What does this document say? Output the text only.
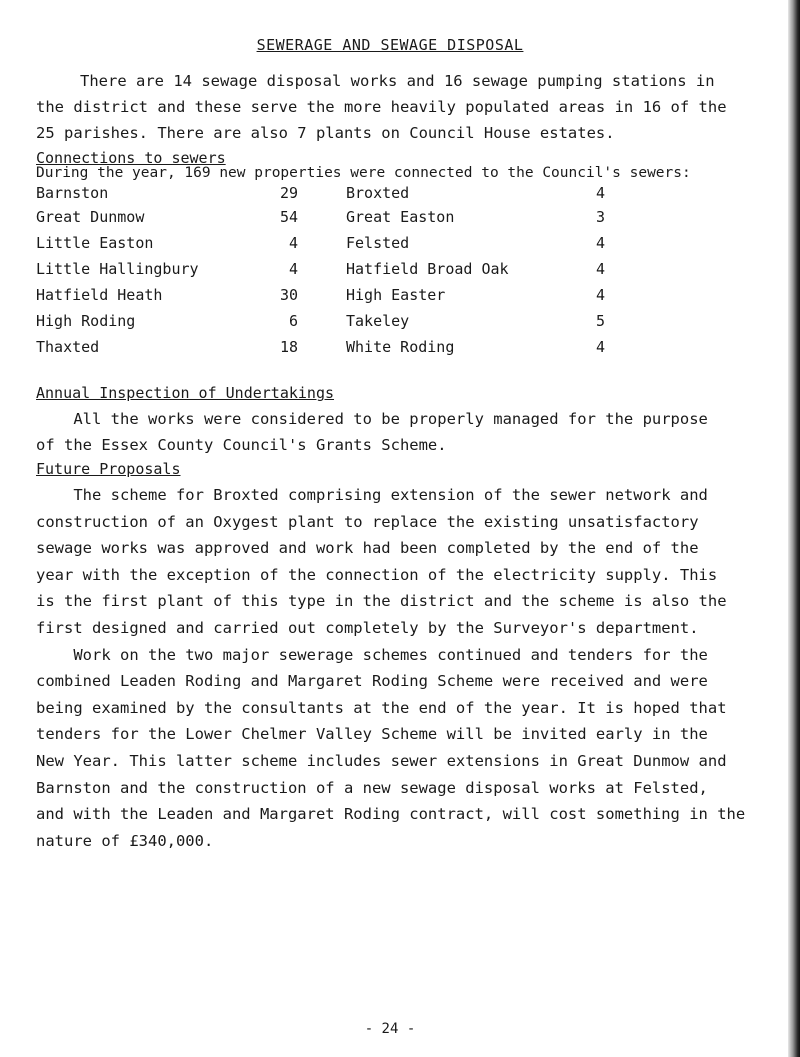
SEWERAGE AND SEWAGE DISPOSAL
There are 14 sewage disposal works and 16 sewage pumping stations in
the district and these serve the more heavily populated areas in 16 of the
25 parishes. There are also 7 plants on Council House estates.
Connections to sewers
During the year, 169 new properties were connected to the Council's sewers:
Barnston	29	Broxted	4
Great Dunmow	54	Great Easton	3
Little Easton	4	Felsted	4
Little Hallingbury	4	Hatfield Broad Oak	4
Hatfield Heath	30	High Easter	4
High Roding	6	Takeley	5
Thaxted	18	White Roding	4
Annual Inspection of Undertakings
All the works were considered to be properly managed for the purpose
of the Essex County Council's Grants Scheme.
Future Proposals
The scheme for Broxted comprising extension of the sewer network and
construction of an Oxygest plant to replace the existing unsatisfactory
sewage works was approved and work had been completed by the end of the
year with the exception of the connection of the electricity supply. This
is the first plant of this type in the district and the scheme is also the
first designed and carried out completely by the Surveyor's department.
Work on the two major sewerage schemes continued and tenders for the
combined Leaden Roding and Margaret Roding Scheme were received and were
being examined by the consultants at the end of the year. It is hoped that
tenders for the Lower Chelmer Valley Scheme will be invited early in the
New Year. This latter scheme includes sewer extensions in Great Dunmow and
Barnston and the construction of a new sewage disposal works at Felsted,
and with the Leaden and Margaret Roding contract, will cost something in the
nature of £340,000.
- 24 -
